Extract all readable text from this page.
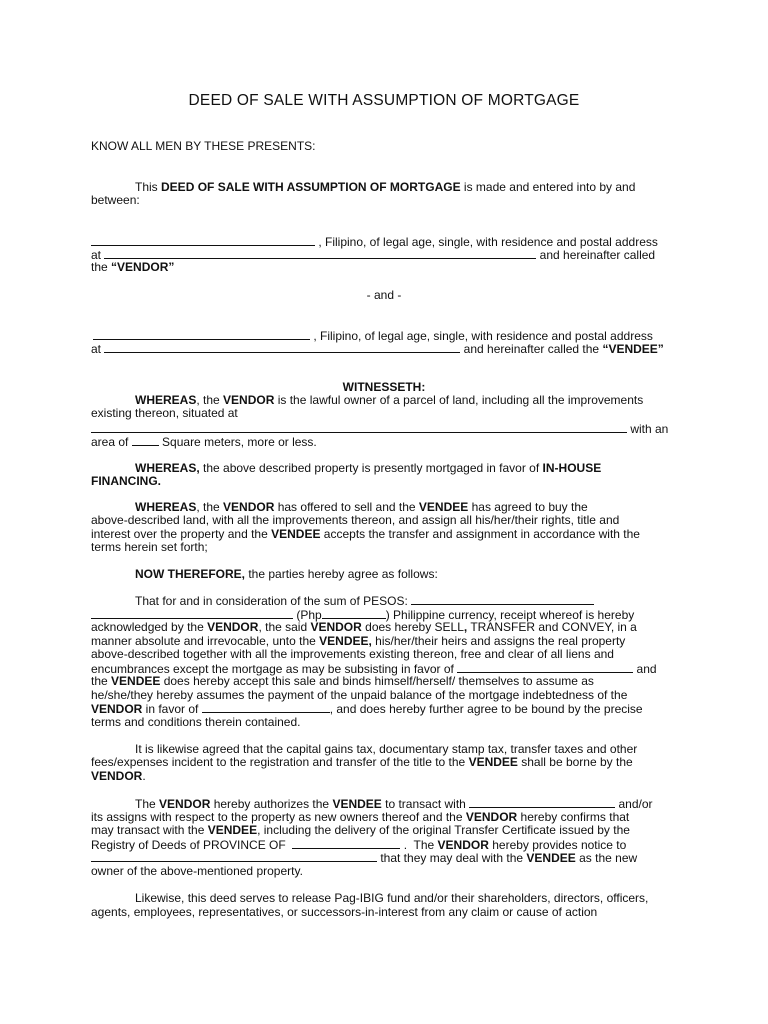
DEED OF SALE WITH ASSUMPTION OF MORTGAGE
KNOW ALL MEN BY THESE PRESENTS:
This DEED OF SALE WITH ASSUMPTION OF MORTGAGE is made and entered into by and
between:
, Filipino, of legal age, single, with residence and postal address
at	and hereinafter called
the “VENDOR”
- and -
, Filipino, of legal age, single, with residence and postal address
at	and hereinafter called the “VENDEE”
WITNESSETH:
WHEREAS, the VENDOR is the lawful owner of a parcel of land, including all the improvements
existing thereon, situated at
with an
area of  Square meters, more or less.
WHEREAS, the above described property is presently mortgaged in favor of IN-HOUSE
FINANCING.
WHEREAS, the VENDOR has offered to sell and the VENDEE has agreed to buy the
above-described land, with all the improvements thereon, and assign all his/her/their rights, title and
interest over the property and the VENDEE accepts the transfer and assignment in accordance with the
terms herein set forth;
NOW THEREFORE, the parties hereby agree as follows:
That for and in consideration of the sum of PESOS:
(Php	) Philippine currency, receipt whereof is hereby
acknowledged by the VENDOR, the said VENDOR does hereby SELL, TRANSFER and CONVEY, in a
manner absolute and irrevocable, unto the VENDEE, his/her/their heirs and assigns the real property
above-described together with all the improvements existing thereon, free and clear of all liens and
encumbrances except the mortgage as may be subsisting in favor of	and
the VENDEE does hereby accept this sale and binds himself/herself/ themselves to assume as
he/she/they hereby assumes the payment of the unpaid balance of the mortgage indebtedness of the
VENDOR in favor of	, and does hereby further agree to be bound by the precise
terms and conditions therein contained.
It is likewise agreed that the capital gains tax, documentary stamp tax, transfer taxes and other
fees/expenses incident to the registration and transfer of the title to the VENDEE shall be borne by the
VENDOR.
The VENDOR hereby authorizes the VENDEE to transact with	and/or
its assigns with respect to the property as new owners thereof and the VENDOR hereby confirms that
may transact with the VENDEE, including the delivery of the original Transfer Certificate issued by the
Registry of Deeds of PROVINCE OF	.  The VENDOR hereby provides notice to
that they may deal with the VENDEE as the new
owner of the above-mentioned property.
Likewise, this deed serves to release Pag-IBIG fund and/or their shareholders, directors, officers,
agents, employees, representatives, or successors-in-interest from any claim or cause of action
